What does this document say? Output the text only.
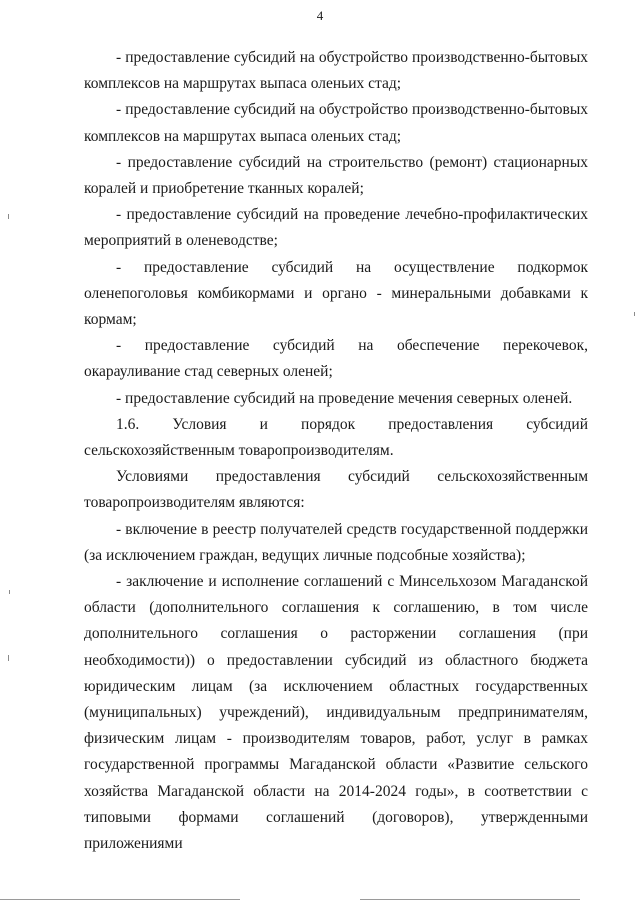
4

- предоставление субсидий на обустройство производственно-бытовых комплексов на маршрутах выпаса оленьих стад;

- предоставление субсидий на обустройство производственно-бытовых комплексов на маршрутах выпаса оленьих стад;

- предоставление субсидий на строительство (ремонт) стационарных коралей и приобретение тканных коралей;

- предоставление субсидий на проведение лечебно-профилактических мероприятий в оленеводстве;

- предоставление субсидий на осуществление подкормок оленепоголовья комбикормами и органо - минеральными добавками к кормам;

- предоставление субсидий на обеспечение перекочевок, окарауливание стад северных оленей;

- предоставление субсидий на проведение мечения северных оленей.

1.6. Условия и порядок предоставления субсидий сельскохозяйственным товаропроизводителям.

Условиями предоставления субсидий сельскохозяйственным товаропроизводителям являются:

- включение в реестр получателей средств государственной поддержки (за исключением граждан, ведущих личные подсобные хозяйства);

- заключение и исполнение соглашений с Минсельхозом Магаданской области (дополнительного соглашения к соглашению, в том числе дополнительного соглашения о расторжении соглашения (при необходимости)) о предоставлении субсидий из областного бюджета юридическим лицам (за исключением областных государственных (муниципальных) учреждений), индивидуальным предпринимателям, физическим лицам - производителям товаров, работ, услуг в рамках государственной программы Магаданской области «Развитие сельского хозяйства Магаданской области на 2014-2024 годы», в соответствии с типовыми формами соглашений (договоров), утвержденными приложениями
